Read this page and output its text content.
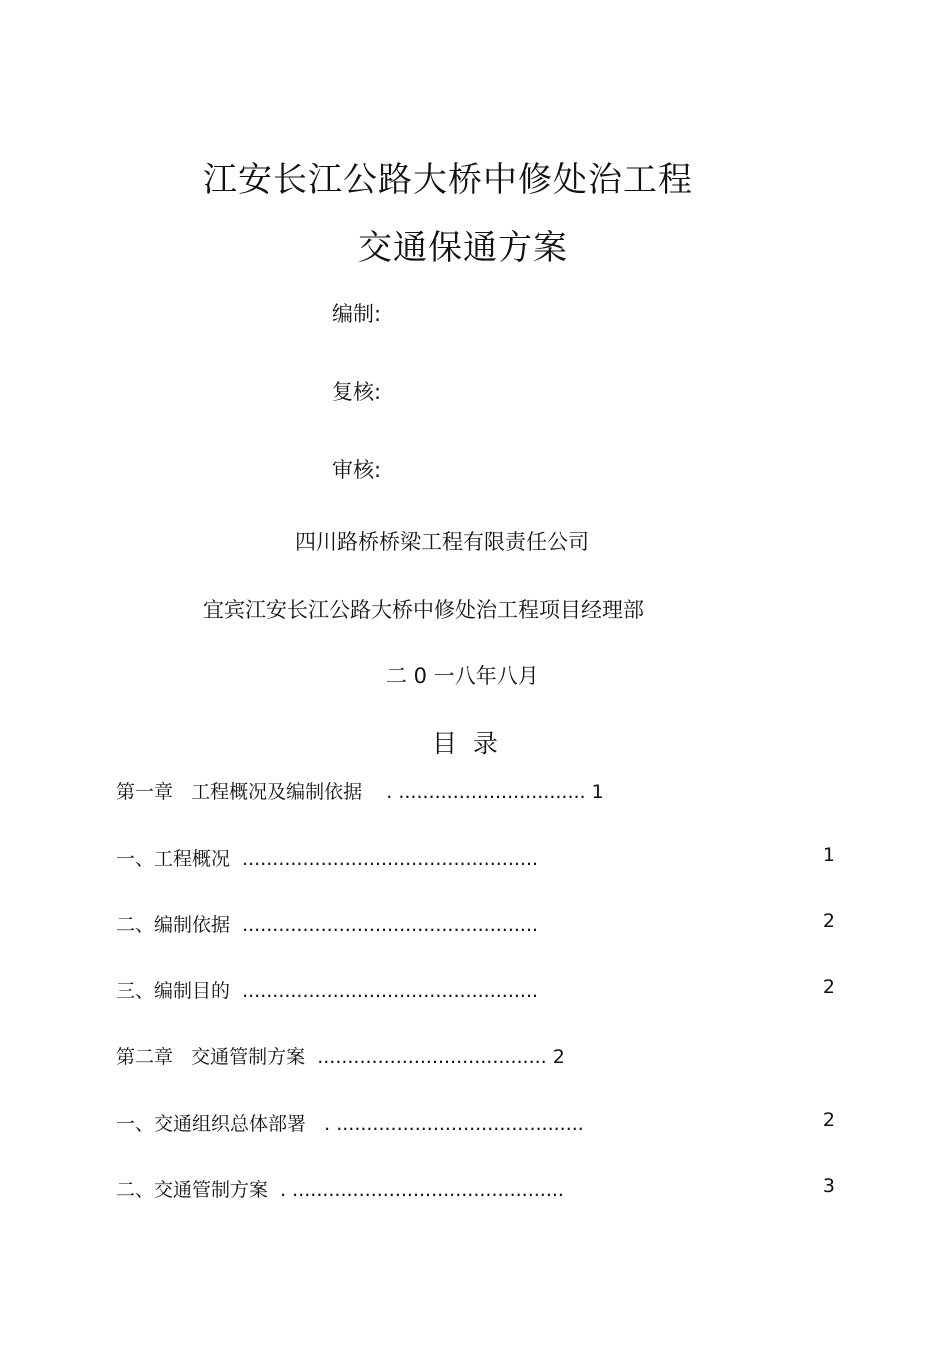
江安长江公路大桥中修处治工程
交通保通方案
编制:
复核:
审核:
四川路桥桥梁工程有限责任公司
宜宾江安长江公路大桥中修处治工程项目经理部
二 0 一八年八月
目  录
第一章   工程概况及编制依据    . ............................... 1
一、工程概况  .................................................	1
二、编制依据  .................................................	2
三、编制目的  .................................................	2
第二章   交通管制方案  ...................................... 2
一、交通组织总体部署   . .........................................	2
二、交通管制方案  . .............................................	3
